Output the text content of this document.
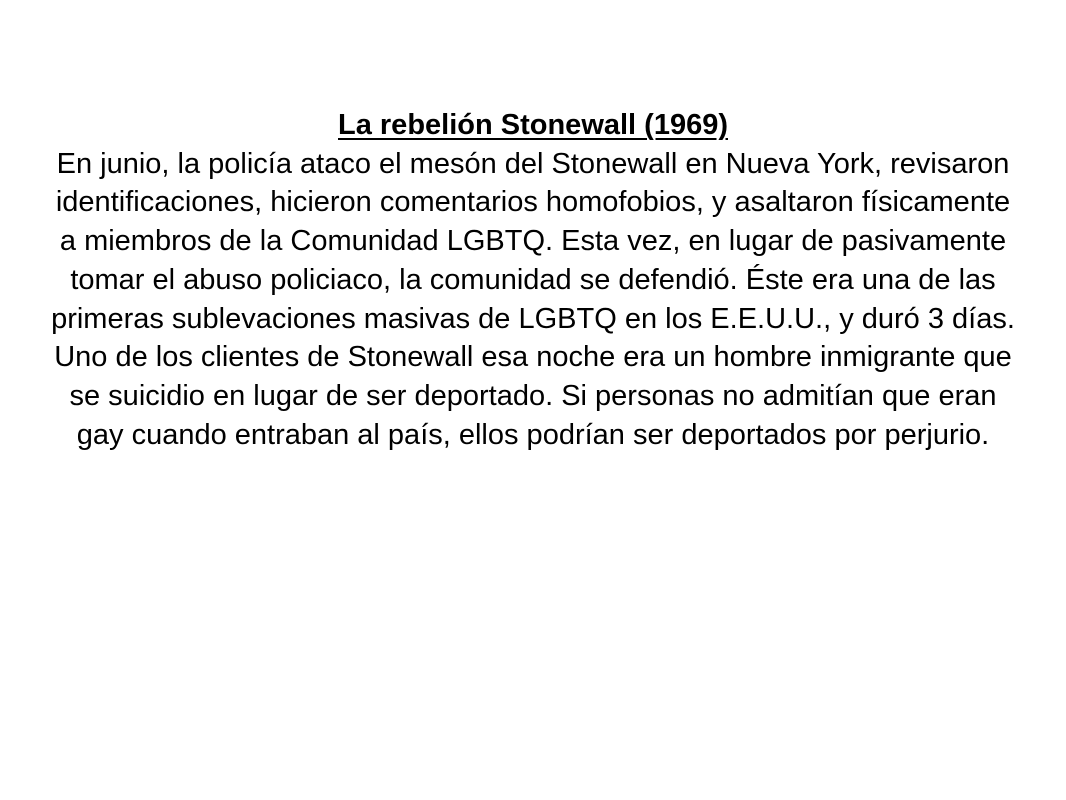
La rebelión Stonewall (1969)

En junio, la policía ataco el mesón del Stonewall en Nueva York, revisaron identificaciones, hicieron comentarios homofobios, y asaltaron físicamente a miembros de la Comunidad LGBTQ. Esta vez, en lugar de pasivamente tomar el abuso policiaco, la comunidad se defendió. Éste era una de las primeras sublevaciones masivas de LGBTQ en los E.E.U.U., y duró 3 días.

Uno de los clientes de Stonewall esa noche era un hombre inmigrante que se suicidio en lugar de ser deportado. Si personas no admitían que eran gay cuando entraban al país, ellos podrían ser deportados por perjurio.
